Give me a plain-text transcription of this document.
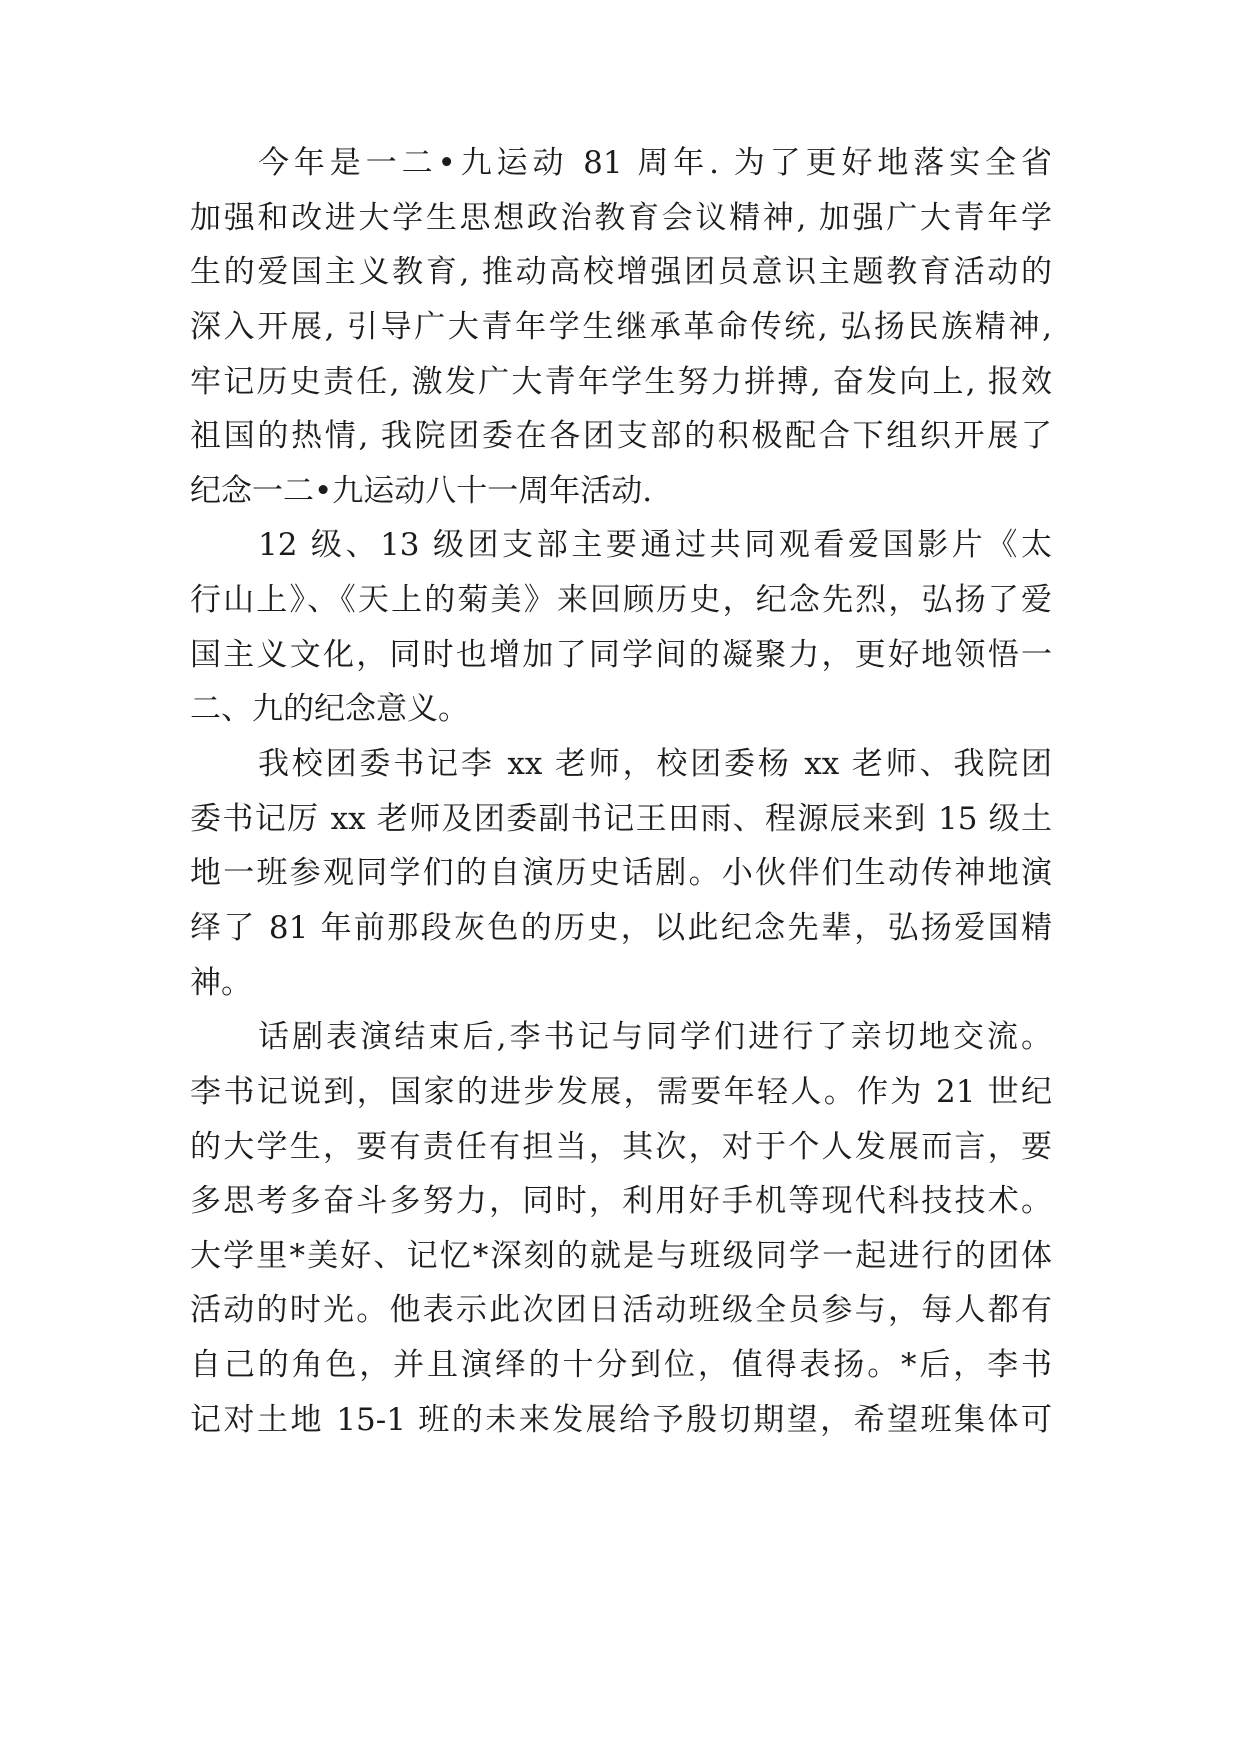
今年是一二•九运动 81 周年. 为了更好地落实全省
加强和改进大学生思想政治教育会议精神, 加强广大青年学
生的爱国主义教育, 推动高校增强团员意识主题教育活动的
深入开展, 引导广大青年学生继承革命传统, 弘扬民族精神,
牢记历史责任, 激发广大青年学生努力拼搏, 奋发向上, 报效
祖国的热情, 我院团委在各团支部的积极配合下组织开展了
纪念一二•九运动八十一周年活动.
12 级、13 级团支部主要通过共同观看爱国影片《太
行山上》、《天上的菊美》来回顾历史，纪念先烈，弘扬了爱
国主义文化，同时也增加了同学间的凝聚力，更好地领悟一
二、九的纪念意义。
我校团委书记李 xx 老师，校团委杨 xx 老师、我院团
委书记厉 xx 老师及团委副书记王田雨、程源辰来到 15 级土
地一班参观同学们的自演历史话剧。小伙伴们生动传神地演
绎了 81 年前那段灰色的历史，以此纪念先辈，弘扬爱国精
神。
话剧表演结束后,李书记与同学们进行了亲切地交流。
李书记说到，国家的进步发展，需要年轻人。作为 21 世纪
的大学生，要有责任有担当，其次，对于个人发展而言，要
多思考多奋斗多努力，同时，利用好手机等现代科技技术。
大学里*美好、记忆*深刻的就是与班级同学一起进行的团体
活动的时光。他表示此次团日活动班级全员参与，每人都有
自己的角色，并且演绎的十分到位，值得表扬。*后，李书
记对土地 15-1 班的未来发展给予殷切期望，希望班集体可
